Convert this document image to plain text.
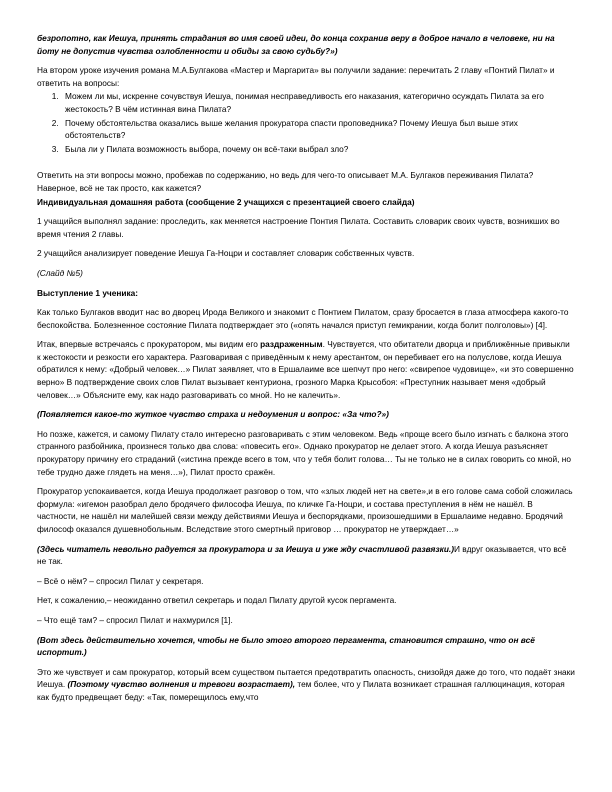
безропотно, как Иешуа, принять страдания во имя своей идеи, до конца сохранив веру в доброе начало в человеке, ни на йоту не допустив чувства озлобленности и обиды за свою судьбу?»)

На втором уроке изучения романа М.А.Булгакова «Мастер и Маргарита» вы получили задание: перечитать 2 главу «Понтий Пилат» и ответить на вопросы:

1. Можем ли мы, искренне сочувствуя Иешуа, понимая несправедливость его наказания, категорично осуждать Пилата за его жестокость? В чём истинная вина Пилата?
2. Почему обстоятельства оказались выше желания прокуратора спасти проповедника? Почему Иешуа был выше этих обстоятельств?
3. Была ли у Пилата возможность выбора, почему он всё-таки выбрал зло?

Ответить на эти вопросы можно, пробежав по содержанию, но ведь для чего-то описывает М.А. Булгаков переживания Пилата? Наверное, всё не так просто, как кажется?

Индивидуальная домашняя работа (сообщение 2 учащихся с презентацией своего слайда)

1 учащийся выполнял задание: проследить, как меняется настроение Понтия Пилата. Составить словарик своих чувств, возникших во время чтения 2 главы.

2 учащийся анализирует поведение Иешуа Га-Ноцри и составляет словарик собственных чувств.

(Слайд №5)

Выступление 1 ученика:

Как только Булгаков вводит нас во дворец Ирода Великого и знакомит с Понтием Пилатом, сразу бросается в глаза атмосфера какого-то беспокойства. Болезненное состояние Пилата подтверждает это («опять начался приступ гемикрании, когда болит полголовы») [4].

Итак, впервые встречаясь с прокуратором, мы видим его раздраженным. Чувствуется, что обитатели дворца и приближённые привыкли к жестокости и резкости его характера. Разговаривая с приведённым к нему арестантом, он перебивает его на полуслове, когда Иешуа обратился к нему: «Добрый человек…» Пилат заявляет, что в Ершалаиме все шепчут про него: «свирепое чудовище», «и это совершенно верно» В подтверждение своих слов Пилат вызывает кентуриона, грозного Марка Крысобоя: «Преступник называет меня «добрый человек…» Объясните ему, как надо разговаривать со мной. Но не калечить».

(Появляется какое-то жуткое чувство страха и недоумения и вопрос: «За что?»)

Но позже, кажется, и самому Пилату стало интересно разговаривать с этим человеком. Ведь «проще всего было изгнать с балкона этого странного разбойника, произнеся только два слова: «повесить его». Однако прокуратор не делает этого. А когда Иешуа разъясняет прокуратору причину его страданий («истина прежде всего в том, что у тебя болит голова… Ты не только не в силах говорить со мной, но тебе трудно даже глядеть на меня…»), Пилат просто сражён.

Прокуратор успокаивается, когда Иешуа продолжает разговор о том, что «злых людей нет на свете»,и в его голове сама собой сложилась формула: «игемон разобрал дело бродячего философа Иешуа, по кличке Га-Ноцри, и состава преступления в нём не нашёл. В частности, не нашёл ни малейшей связи между действиями Иешуа и беспорядками, произошедшими в Ершалаиме недавно. Бродячий философ оказался душевнобольным. Вследствие этого смертный приговор … прокуратор не утверждает…»

(Здесь читатель невольно радуется за прокуратора и за Иешуа и уже жду счастливой развязки.)И вдруг оказывается, что всё не так.

– Всё о нём? – спросил Пилат у секретаря.

Нет, к сожалению,– неожиданно ответил секретарь и подал Пилату другой кусок пергамента.

– Что ещё там? – спросил Пилат и нахмурился [1].

(Вот здесь действительно хочется, чтобы не было этого второго пергамента, становится страшно, что он всё испортит.)

Это же чувствует и сам прокуратор, который всем существом пытается предотвратить опасность, снизойдя даже до того, что подаёт знаки Иешуа. (Поэтому чувство волнения и тревоги возрастает), тем более, что у Пилата возникает страшная галлюцинация, которая как будто предвещает беду: «Так, померещилось ему,что
